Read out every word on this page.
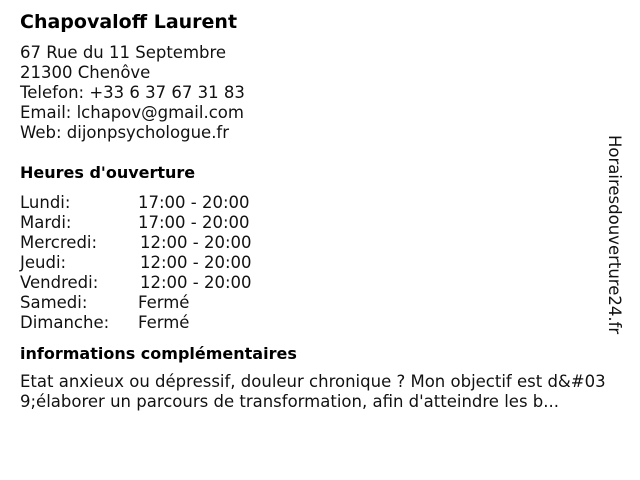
Chapovaloff Laurent
67 Rue du 11 Septembre
21300 Chenôve
Telefon: +33 6 37 67 31 83
Email: lchapov@gmail.com
Web: dijonpsychologue.fr
Heures d'ouverture
Lundi:	17:00 - 20:00
Mardi:	17:00 - 20:00
Mercredi:	12:00 - 20:00
Jeudi:	12:00 - 20:00
Vendredi:	12:00 - 20:00
Samedi:	Fermé
Dimanche:	Fermé
informations complémentaires
Etat anxieux ou dépressif, douleur chronique ? Mon objectif est d&#039;élaborer un parcours de transformation, afin d'atteindre les b...
Horairesdouverture24.fr
